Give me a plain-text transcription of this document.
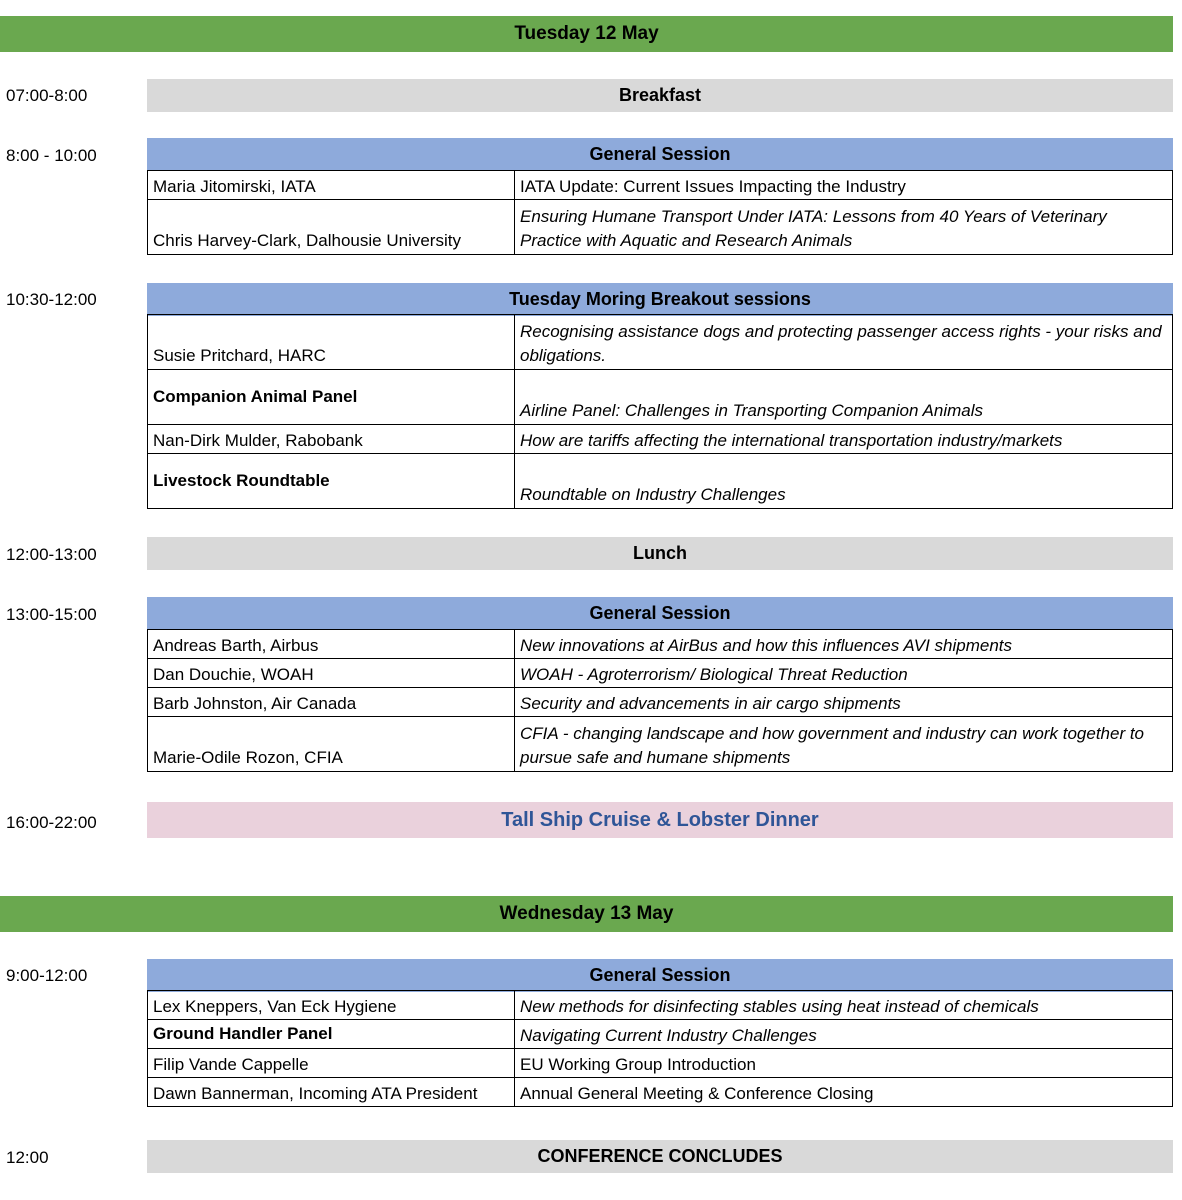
Tuesday 12 May
07:00-8:00	Breakfast
8:00 - 10:00	General Session
Maria Jitomirski, IATA	IATA Update: Current Issues Impacting the Industry
Chris Harvey-Clark, Dalhousie University	Ensuring Humane Transport Under IATA: Lessons from 40 Years of Veterinary Practice with Aquatic and Research Animals
10:30-12:00	Tuesday Moring Breakout sessions
Susie Pritchard, HARC	Recognising assistance dogs and protecting passenger access rights - your risks and obligations.
Companion Animal Panel	Airline Panel: Challenges in Transporting Companion Animals
Nan-Dirk Mulder, Rabobank	How are tariffs affecting the international transportation industry/markets
Livestock Roundtable	Roundtable on Industry Challenges
12:00-13:00	Lunch
13:00-15:00	General Session
Andreas Barth, Airbus	New innovations at AirBus and how this influences AVI shipments
Dan Douchie, WOAH	WOAH - Agroterrorism/ Biological Threat Reduction
Barb Johnston, Air Canada	Security and advancements in air cargo shipments
Marie-Odile Rozon, CFIA	CFIA - changing landscape and how government and industry can work together to pursue safe and humane shipments
16:00-22:00	Tall Ship Cruise & Lobster Dinner
Wednesday 13 May
9:00-12:00	General Session
Lex Kneppers, Van Eck Hygiene	New methods for disinfecting stables using heat instead of chemicals
Ground Handler Panel	Navigating Current Industry Challenges
Filip Vande Cappelle	EU Working Group Introduction
Dawn Bannerman, Incoming ATA President	Annual General Meeting & Conference Closing
12:00	CONFERENCE CONCLUDES
